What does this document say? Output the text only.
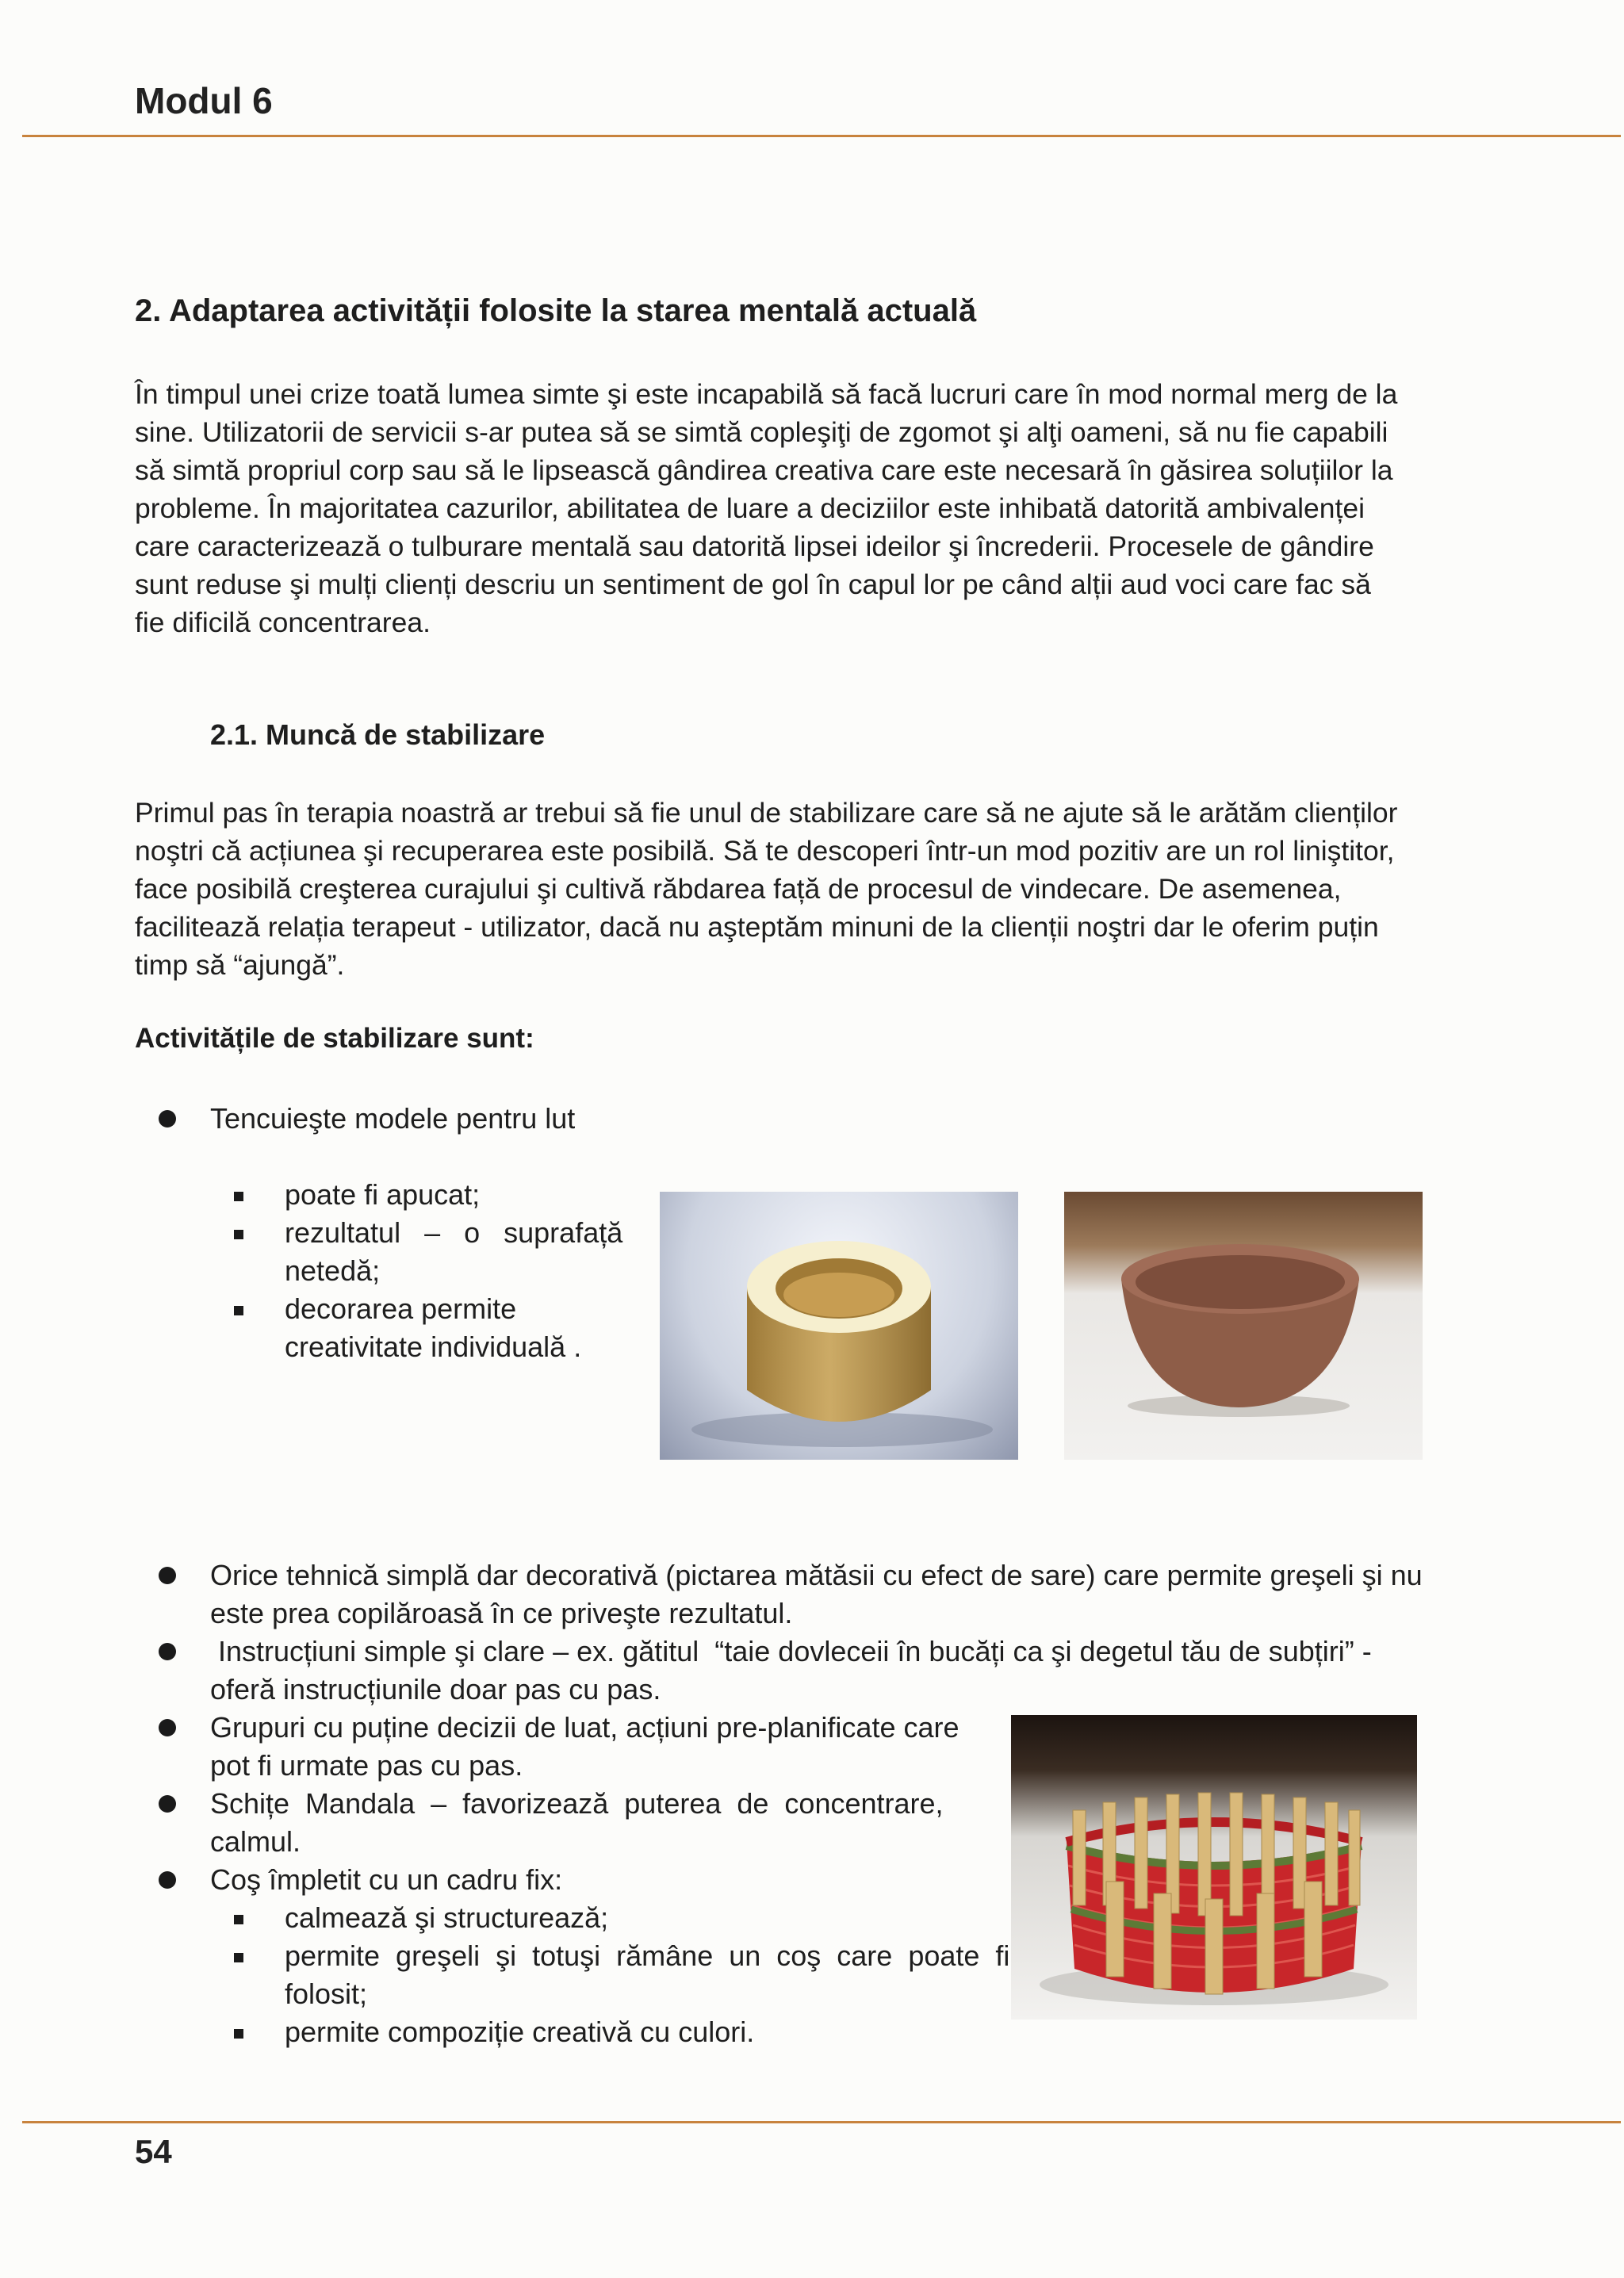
Modul 6
2. Adaptarea activității folosite la starea mentală actuală
În timpul unei crize toată lumea simte şi este incapabilă să facă lucruri care în mod normal merg de la
sine. Utilizatorii de servicii s-ar putea să se simtă copleşiţi de zgomot şi alţi oameni, să nu fie capabili
să simtă propriul corp sau să le lipsească gândirea creativa care este necesară în găsirea soluțiilor la
probleme. În majoritatea cazurilor, abilitatea de luare a deciziilor este inhibată datorită ambivalenței
care caracterizează o tulburare mentală sau datorită lipsei ideilor şi încrederii. Procesele de gândire
sunt reduse şi mulți clienți descriu un sentiment de gol în capul lor pe când alții aud voci care fac să
fie dificilă concentrarea.
2.1. Muncă de stabilizare
Primul pas în terapia noastră ar trebui să fie unul de stabilizare care să ne ajute să le arătăm clienților
noştri că acțiunea şi recuperarea este posibilă. Să te descoperi într-un mod pozitiv are un rol liniştitor,
face posibilă creşterea curajului şi cultivă răbdarea față de procesul de vindecare. De asemenea,
facilitează relația terapeut - utilizator, dacă nu aşteptăm minuni de la clienții noştri dar le oferim puțin
timp să “ajungă”.
Activitățile de stabilizare sunt:
Tencuieşte modele pentru lut
poate fi apucat;
rezultatul   –   o   suprafață
netedă;
decorarea permite
creativitate individuală .
Orice tehnică simplă dar decorativă (pictarea mătăsii cu efect de sare) care permite greşeli şi nu
este prea copilăroasă în ce priveşte rezultatul.
Instrucțiuni simple şi clare – ex. gătitul  “taie dovleceii în bucăți ca şi degetul tău de subțiri” -
oferă instrucțiunile doar pas cu pas.
Grupuri cu puține decizii de luat, acțiuni pre-planificate care
pot fi urmate pas cu pas.
Schițe  Mandala  –  favorizează  puterea  de  concentrare,
calmul.
Coş împletit cu un cadru fix:
calmează şi structurează;
permite  greşeli  şi  totuşi  rămâne  un  coş  care  poate  fi
folosit;
permite compoziție creativă cu culori.
54
